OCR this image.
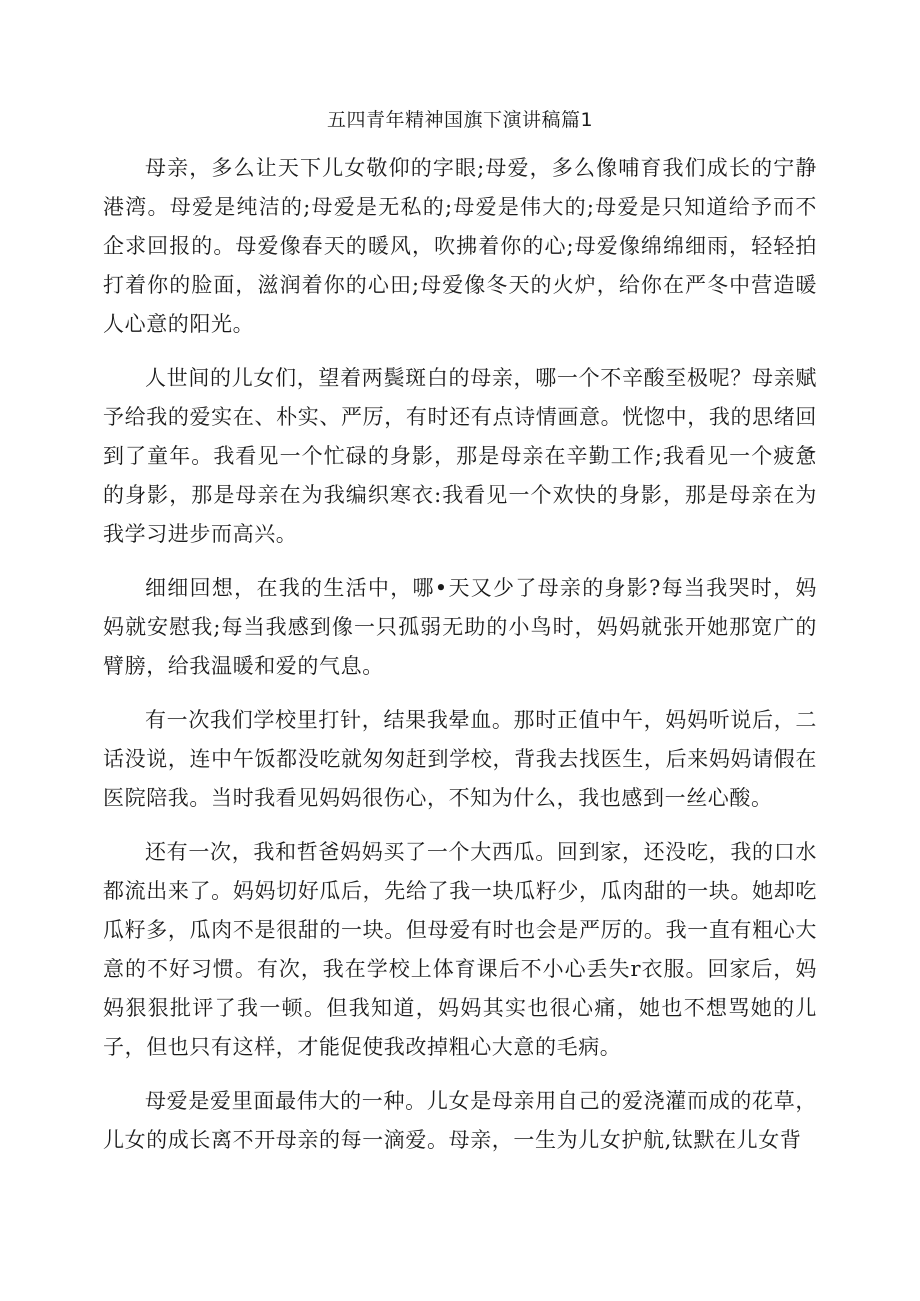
五四青年精神国旗下演讲稿篇1

母亲，多么让天下儿女敬仰的字眼;母爱，多么像哺育我们成长的宁静港湾。母爱是纯洁的;母爱是无私的;母爱是伟大的;母爱是只知道给予而不企求回报的。母爱像春天的暖风，吹拂着你的心;母爱像绵绵细雨，轻轻拍打着你的脸面，滋润着你的心田;母爱像冬天的火炉，给你在严冬中营造暖人心意的阳光。

人世间的儿女们，望着两鬓斑白的母亲，哪一个不辛酸至极呢？母亲赋予给我的爱实在、朴实、严厉，有时还有点诗情画意。恍惚中，我的思绪回到了童年。我看见一个忙碌的身影，那是母亲在辛勤工作;我看见一个疲惫的身影，那是母亲在为我编织寒衣:我看见一个欢快的身影，那是母亲在为我学习进步而高兴。

细细回想，在我的生活中，哪•天又少了母亲的身影?每当我哭时，妈妈就安慰我;每当我感到像一只孤弱无助的小鸟时，妈妈就张开她那宽广的臂膀，给我温暖和爱的气息。

有一次我们学校里打针，结果我晕血。那时正值中午，妈妈听说后，二话没说，连中午饭都没吃就匆匆赶到学校，背我去找医生，后来妈妈请假在医院陪我。当时我看见妈妈很伤心，不知为什么，我也感到一丝心酸。

还有一次，我和哲爸妈妈买了一个大西瓜。回到家，还没吃，我的口水都流出来了。妈妈切好瓜后，先给了我一块瓜籽少，瓜肉甜的一块。她却吃瓜籽多，瓜肉不是很甜的一块。但母爱有时也会是严厉的。我一直有粗心大意的不好习惯。有次，我在学校上体育课后不小心丢失r衣服。回家后，妈妈狠狠批评了我一顿。但我知道，妈妈其实也很心痛，她也不想骂她的儿子，但也只有这样，才能促使我改掉粗心大意的毛病。

母爱是爱里面最伟大的一种。儿女是母亲用自己的爱浇灌而成的花草，儿女的成长离不开母亲的每一滴爱。母亲，一生为儿女护航,钛默在儿女背
